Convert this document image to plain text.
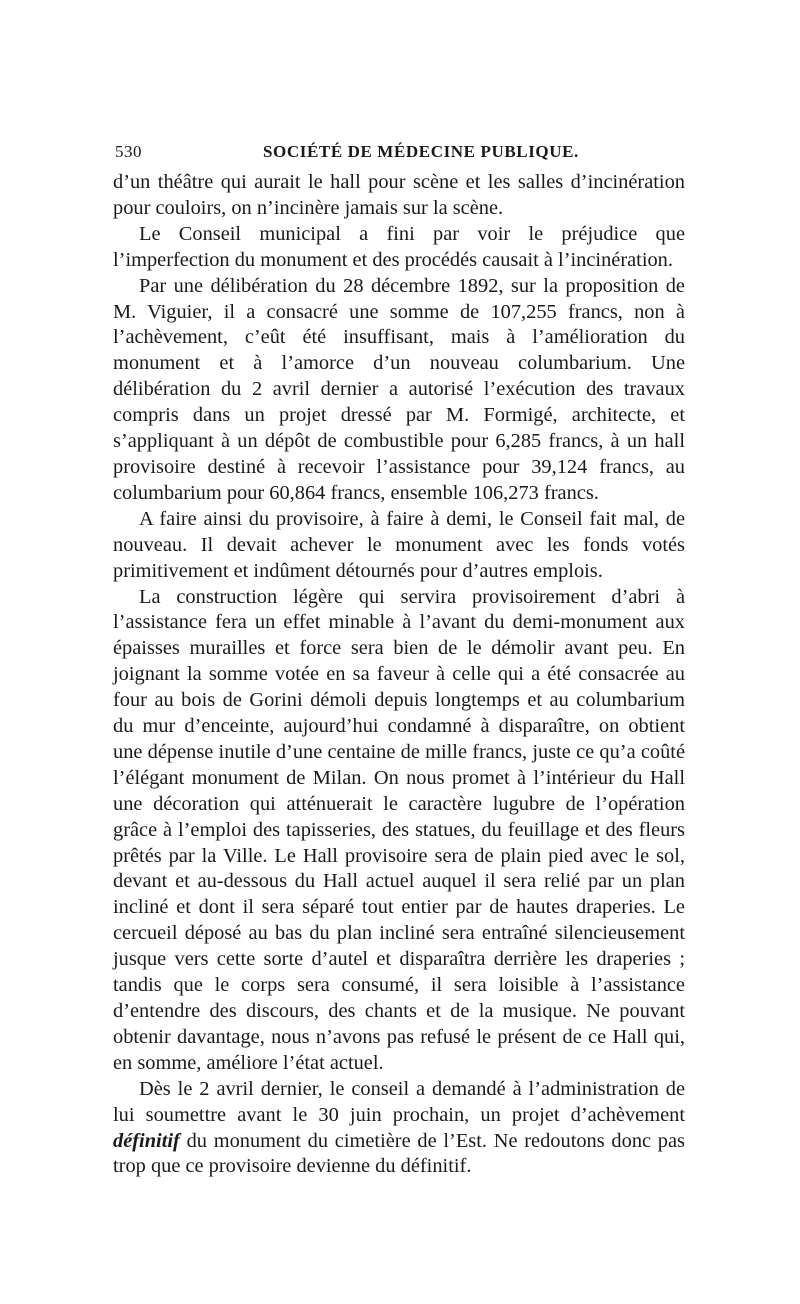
530	SOCIÉTÉ DE MÉDECINE PUBLIQUE.

d’un théâtre qui aurait le hall pour scène et les salles d’incinération pour couloirs, on n’incinère jamais sur la scène.

Le Conseil municipal a fini par voir le préjudice que l’imperfection du monument et des procédés causait à l’incinération.

Par une délibération du 28 décembre 1892, sur la proposition de M. Viguier, il a consacré une somme de 107,255 francs, non à l’achèvement, c’eût été insuffisant, mais à l’amélioration du monument et à l’amorce d’un nouveau columbarium. Une délibération du 2 avril dernier a autorisé l’exécution des travaux compris dans un projet dressé par M. Formigé, architecte, et s’appliquant à un dépôt de combustible pour 6,285 francs, à un hall provisoire destiné à recevoir l’assistance pour 39,124 francs, au columbarium pour 60,864 francs, ensemble 106,273 francs.

A faire ainsi du provisoire, à faire à demi, le Conseil fait mal, de nouveau. Il devait achever le monument avec les fonds votés primitivement et indûment détournés pour d’autres emplois.

La construction légère qui servira provisoirement d’abri à l’assistance fera un effet minable à l’avant du demi-monument aux épaisses murailles et force sera bien de le démolir avant peu. En joignant la somme votée en sa faveur à celle qui a été consacrée au four au bois de Gorini démoli depuis longtemps et au columbarium du mur d’enceinte, aujourd’hui condamné à disparaître, on obtient une dépense inutile d’une centaine de mille francs, juste ce qu’a coûté l’élégant monument de Milan. On nous promet à l’intérieur du Hall une décoration qui atténuerait le caractère lugubre de l’opération grâce à l’emploi des tapisseries, des statues, du feuillage et des fleurs prêtés par la Ville. Le Hall provisoire sera de plain pied avec le sol, devant et au-dessous du Hall actuel auquel il sera relié par un plan incliné et dont il sera séparé tout entier par de hautes draperies. Le cercueil déposé au bas du plan incliné sera entraîné silencieusement jusque vers cette sorte d’autel et disparaîtra derrière les draperies ; tandis que le corps sera consumé, il sera loisible à l’assistance d’entendre des discours, des chants et de la musique. Ne pouvant obtenir davantage, nous n’avons pas refusé le présent de ce Hall qui, en somme, améliore l’état actuel.

Dès le 2 avril dernier, le conseil a demandé à l’administration de lui soumettre avant le 30 juin prochain, un projet d’achèvement définitif du monument du cimetière de l’Est. Ne redoutons donc pas trop que ce provisoire devienne du définitif.
